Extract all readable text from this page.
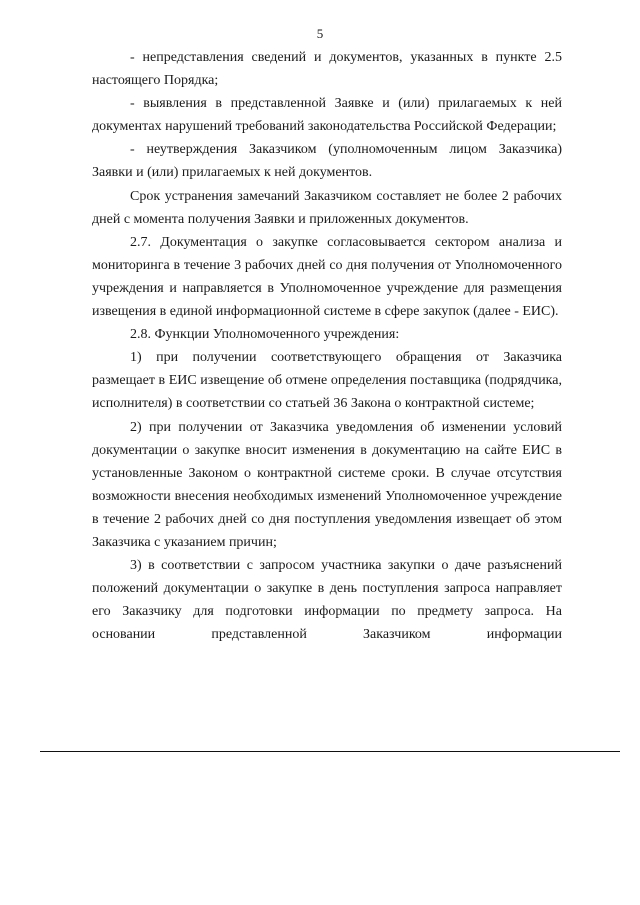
5

- непредставления сведений и документов, указанных в пункте 2.5 настоящего Порядка;

- выявления в представленной Заявке и (или) прилагаемых к ней документах нарушений требований законодательства Российской Федерации;

- неутверждения Заказчиком (уполномоченным лицом Заказчика) Заявки и (или) прилагаемых к ней документов.

Срок устранения замечаний Заказчиком составляет не более 2 рабочих дней с момента получения Заявки и приложенных документов.

2.7. Документация о закупке согласовывается сектором анализа и мониторинга в течение 3 рабочих дней со дня получения от Уполномоченного учреждения и направляется в Уполномоченное учреждение для размещения извещения в единой информационной системе в сфере закупок (далее - ЕИС).

2.8. Функции Уполномоченного учреждения:

1) при получении соответствующего обращения от Заказчика размещает в ЕИС извещение об отмене определения поставщика (подрядчика, исполнителя) в соответствии со статьей 36 Закона о контрактной системе;

2) при получении от Заказчика уведомления об изменении условий документации о закупке вносит изменения в документацию на сайте ЕИС в установленные Законом о контрактной системе сроки. В случае отсутствия возможности внесения необходимых изменений Уполномоченное учреждение в течение 2 рабочих дней со дня поступления уведомления извещает об этом Заказчика с указанием причин;

3) в соответствии с запросом участника закупки о даче разъяснений положений документации о закупке в день поступления запроса направляет его Заказчику для подготовки информации по предмету запроса. На основании представленной Заказчиком информации
